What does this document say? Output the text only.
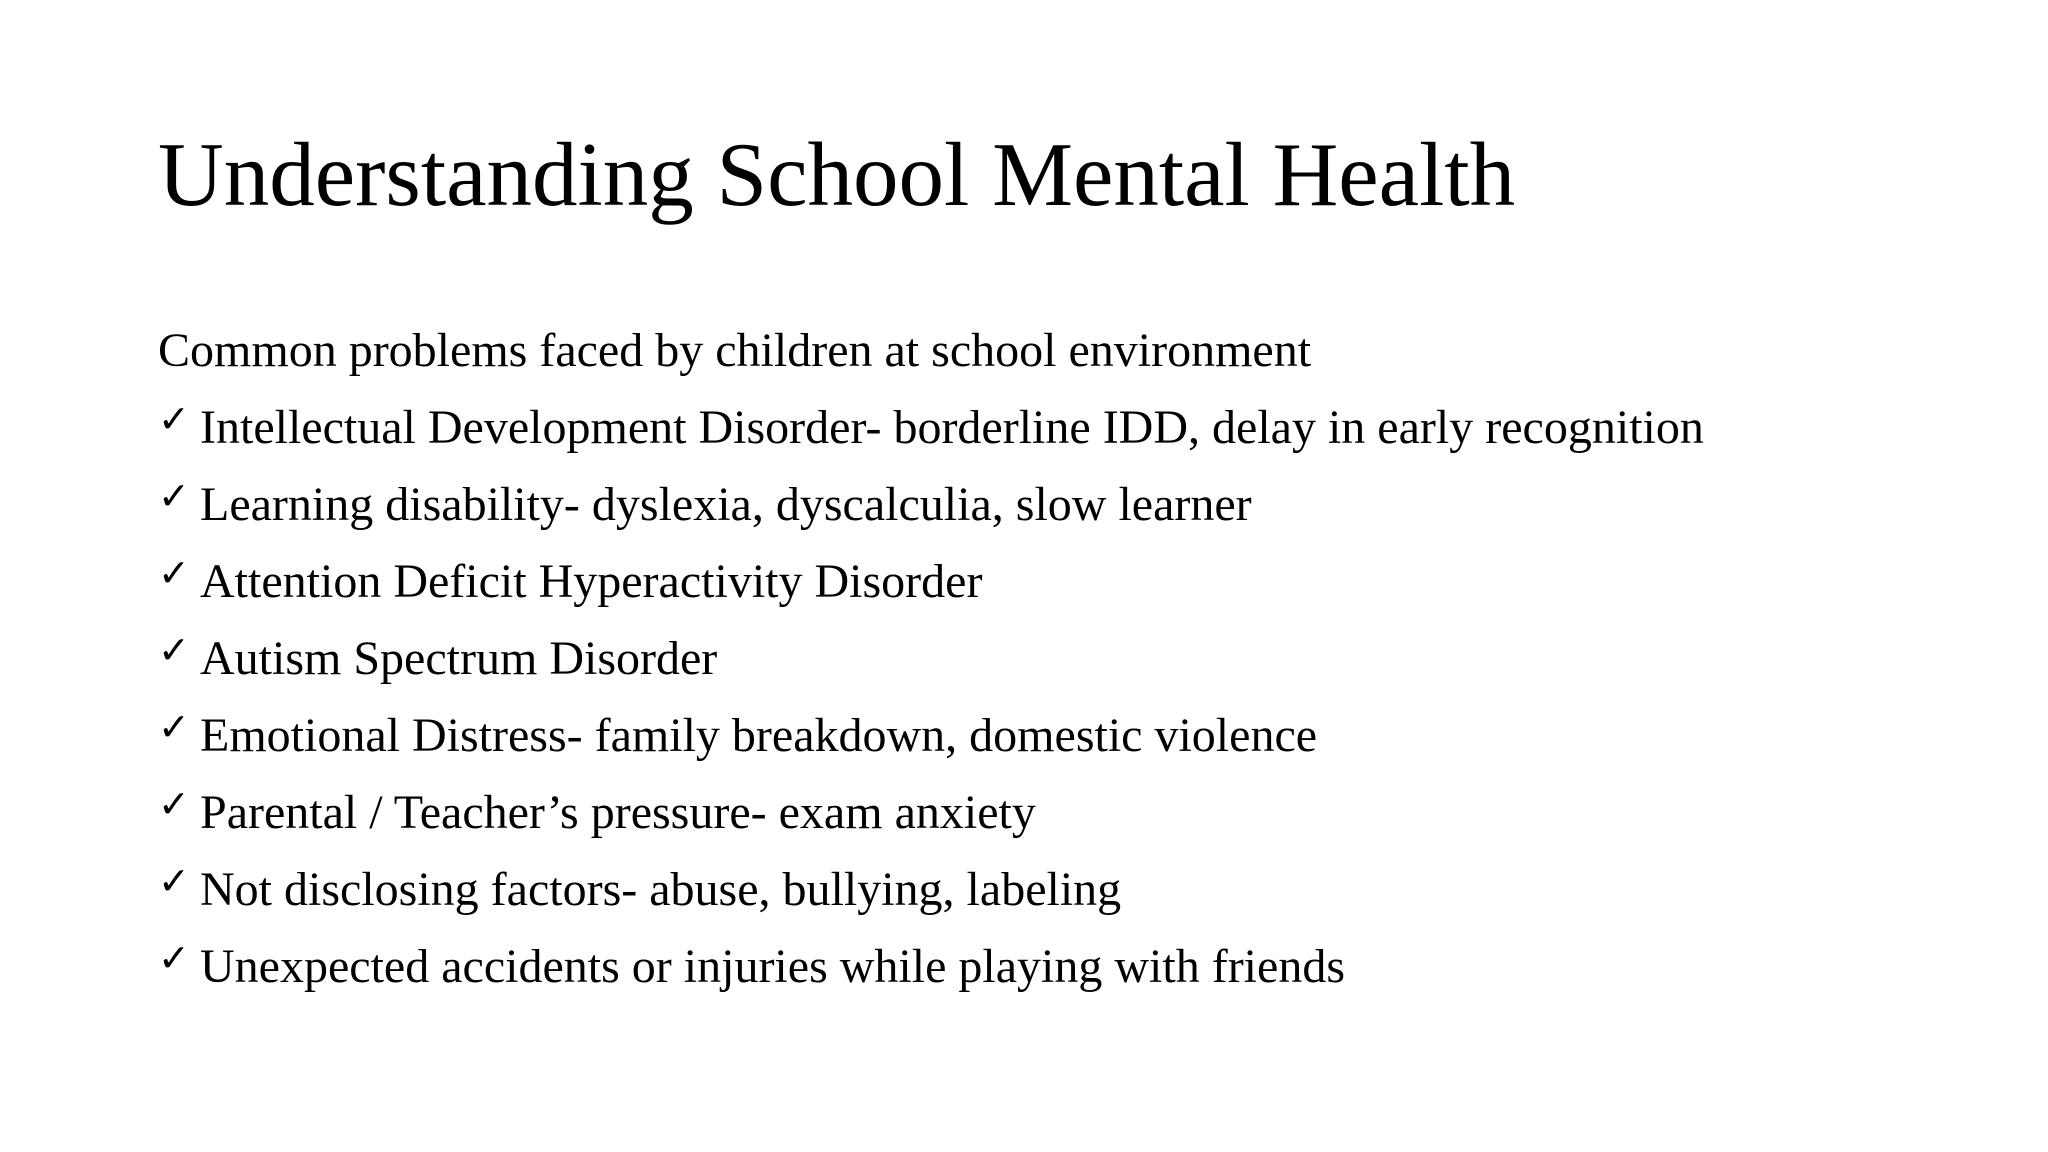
Understanding School Mental Health
Common problems faced by children at school environment
✓ Intellectual Development Disorder- borderline IDD, delay in early recognition
✓ Learning disability- dyslexia, dyscalculia, slow learner
✓ Attention Deficit Hyperactivity Disorder
✓ Autism Spectrum Disorder
✓ Emotional Distress- family breakdown, domestic violence
✓ Parental / Teacher’s pressure- exam anxiety
✓ Not disclosing factors- abuse, bullying, labeling
✓ Unexpected accidents or injuries while playing with friends
